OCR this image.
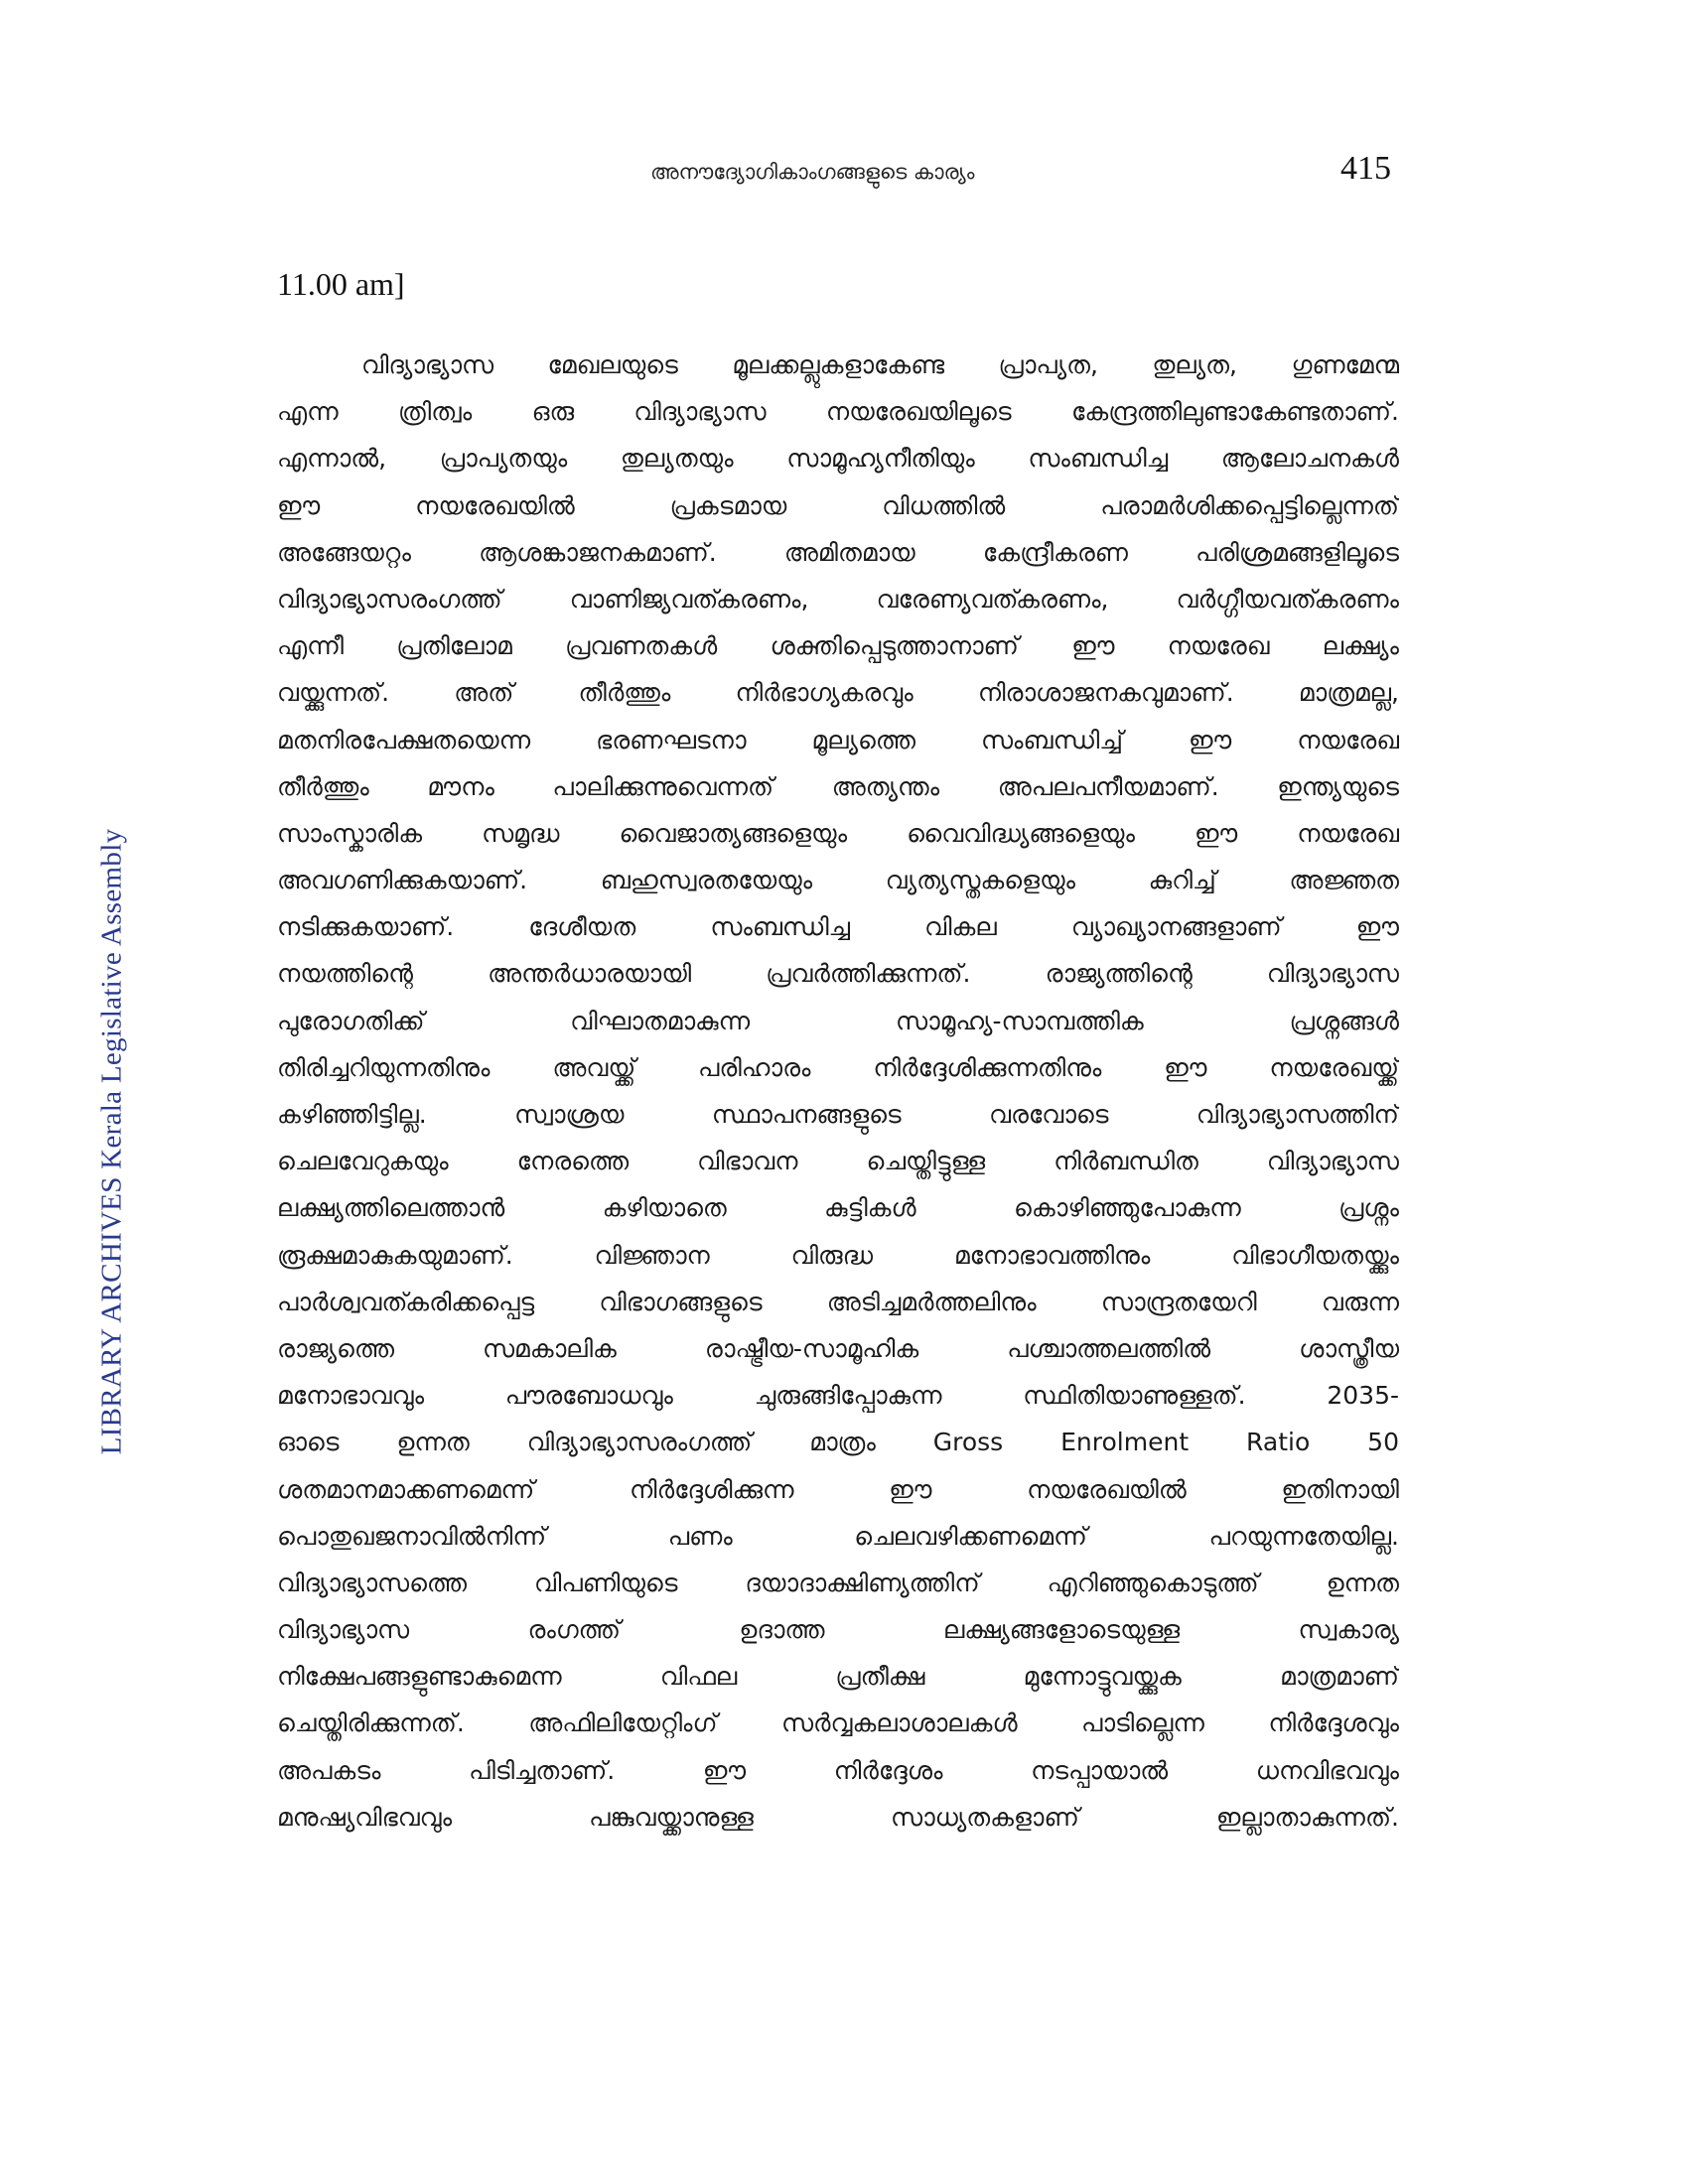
അനൗദ്യോഗികാംഗങ്ങളുടെ കാര്യം	415
11.00 am]
വിദ്യാഭ്യാസ മേഖലയുടെ മൂലക്കല്ലുകളാകേണ്ട പ്രാപ്യത, തുല്യത, ഗുണമേന്മ
എന്ന ത്രിത്വം ഒരു വിദ്യാഭ്യാസ നയരേഖയിലൂടെ കേന്ദ്രത്തിലുണ്ടാകേണ്ടതാണ്.
എന്നാൽ, പ്രാപ്യതയും തുല്യതയും സാമൂഹ്യനീതിയും സംബന്ധിച്ച ആലോചനകൾ
ഈ നയരേഖയിൽ പ്രകടമായ വിധത്തിൽ പരാമർശിക്കപ്പെട്ടില്ലെന്നത്
അങ്ങേയറ്റം ആശങ്കാജനകമാണ്. അമിതമായ കേന്ദ്രീകരണ പരിശ്രമങ്ങളിലൂടെ
വിദ്യാഭ്യാസരംഗത്ത് വാണിജ്യവത്കരണം, വരേണ്യവത്കരണം, വർഗ്ഗീയവത്കരണം
എന്നീ പ്രതിലോമ പ്രവണതകൾ ശക്തിപ്പെടുത്താനാണ് ഈ നയരേഖ ലക്ഷ്യം
വയ്ക്കുന്നത്. അത് തീർത്തും നിർഭാഗ്യകരവും നിരാശാജനകവുമാണ്. മാത്രമല്ല,
മതനിരപേക്ഷതയെന്ന ഭരണഘടനാ മൂല്യത്തെ സംബന്ധിച്ച് ഈ നയരേഖ
തീർത്തും മൗനം പാലിക്കുന്നുവെന്നത് അത്യന്തം അപലപനീയമാണ്. ഇന്ത്യയുടെ
സാംസ്കാരിക സമൃദ്ധ വൈജാത്യങ്ങളെയും വൈവിദ്ധ്യങ്ങളെയും ഈ നയരേഖ
അവഗണിക്കുകയാണ്. ബഹുസ്വരതയേയും വ്യത്യസ്തകളെയും കുറിച്ച് അജ്ഞത
നടിക്കുകയാണ്. ദേശീയത സംബന്ധിച്ച വികല വ്യാഖ്യാനങ്ങളാണ് ഈ
നയത്തിന്റെ അന്തർധാരയായി പ്രവർത്തിക്കുന്നത്. രാജ്യത്തിന്റെ വിദ്യാഭ്യാസ
പുരോഗതിക്ക് വിഘാതമാകുന്ന സാമൂഹ്യ-സാമ്പത്തിക പ്രശ്നങ്ങൾ
തിരിച്ചറിയുന്നതിനും അവയ്ക്ക് പരിഹാരം നിർദ്ദേശിക്കുന്നതിനും ഈ നയരേഖയ്ക്ക്
കഴിഞ്ഞിട്ടില്ല. സ്വാശ്രയ സ്ഥാപനങ്ങളുടെ വരവോടെ വിദ്യാഭ്യാസത്തിന്
ചെലവേറുകയും നേരത്തെ വിഭാവന ചെയ്തിട്ടുള്ള നിർബന്ധിത വിദ്യാഭ്യാസ
ലക്ഷ്യത്തിലെത്താൻ കഴിയാതെ കുട്ടികൾ കൊഴിഞ്ഞുപോകുന്ന പ്രശ്നം
രൂക്ഷമാകുകയുമാണ്. വിജ്ഞാന വിരുദ്ധ മനോഭാവത്തിനും വിഭാഗീയതയ്ക്കും
പാർശ്വവത്കരിക്കപ്പെട്ട വിഭാഗങ്ങളുടെ അടിച്ചമർത്തലിനും സാന്ദ്രതയേറി വരുന്ന
രാജ്യത്തെ സമകാലിക രാഷ്ട്രീയ-സാമൂഹിക പശ്ചാത്തലത്തിൽ ശാസ്ത്രീയ
മനോഭാവവും പൗരബോധവും ചുരുങ്ങിപ്പോകുന്ന സ്ഥിതിയാണുള്ളത്. 2035-
ഓടെ ഉന്നത വിദ്യാഭ്യാസരംഗത്ത് മാത്രം Gross Enrolment Ratio 50
ശതമാനമാക്കണമെന്ന് നിർദ്ദേശിക്കുന്ന ഈ നയരേഖയിൽ ഇതിനായി
പൊതുഖജനാവിൽനിന്ന് പണം ചെലവഴിക്കണമെന്ന് പറയുന്നതേയില്ല.
വിദ്യാഭ്യാസത്തെ വിപണിയുടെ ദയാദാക്ഷിണ്യത്തിന് എറിഞ്ഞുകൊടുത്ത് ഉന്നത
വിദ്യാഭ്യാസ രംഗത്ത് ഉദാത്ത ലക്ഷ്യങ്ങളോടെയുള്ള സ്വകാര്യ
നിക്ഷേപങ്ങളുണ്ടാകുമെന്ന വിഫല പ്രതീക്ഷ മുന്നോട്ടുവയ്ക്കുക മാത്രമാണ്
ചെയ്തിരിക്കുന്നത്. അഫിലിയേറ്റിംഗ് സർവ്വകലാശാലകൾ പാടില്ലെന്ന നിർദ്ദേശവും
അപകടം പിടിച്ചതാണ്. ഈ നിർദ്ദേശം നടപ്പായാൽ ധനവിഭവവും
മനുഷ്യവിഭവവും പങ്കുവയ്ക്കാനുള്ള സാധ്യതകളാണ് ഇല്ലാതാകുന്നത്.
LIBRARY ARCHIVES Kerala Legislative Assembly
